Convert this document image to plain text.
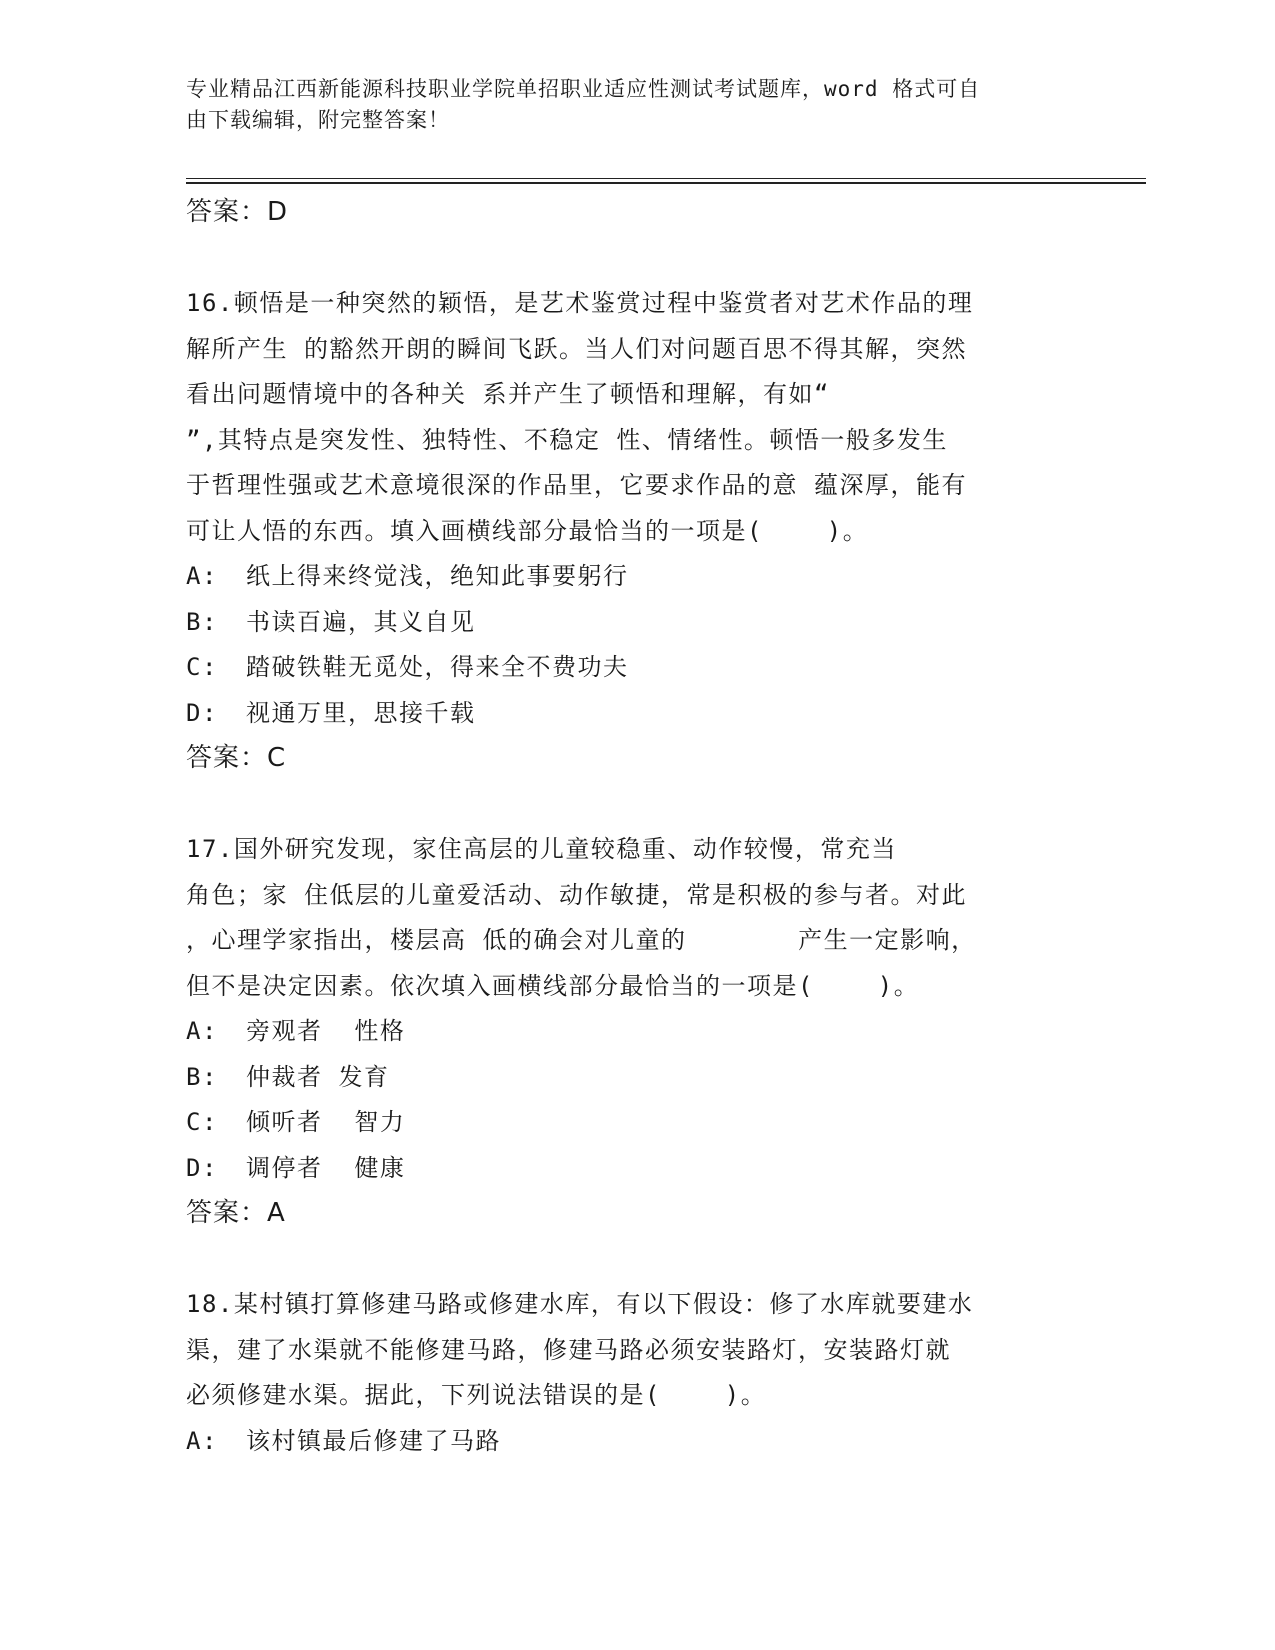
专业精品江西新能源科技职业学院单招职业适应性测试考试题库，word 格式可自
由下载编辑，附完整答案！
答案：D
16.顿悟是一种突然的颖悟，是艺术鉴赏过程中鉴赏者对艺术作品的理
解所产生 的豁然开朗的瞬间飞跃。当人们对问题百思不得其解，突然
看出问题情境中的各种关 系并产生了顿悟和理解，有如“
”,其特点是突发性、独特性、不稳定 性、情绪性。顿悟一般多发生
于哲理性强或艺术意境很深的作品里，它要求作品的意 蕴深厚，能有
可让人悟的东西。填入画横线部分最恰当的一项是(    )。
A: 纸上得来终觉浅，绝知此事要躬行
B: 书读百遍，其义自见
C: 踏破铁鞋无觅处，得来全不费功夫
D: 视通万里，思接千载
答案：C
17.国外研究发现，家住高层的儿童较稳重、动作较慢，常充当
角色；家 住低层的儿童爱活动、动作敏捷，常是积极的参与者。对此
，心理学家指出，楼层高 低的确会对儿童的       产生一定影响，
但不是决定因素。依次填入画横线部分最恰当的一项是(    )。
A: 旁观者  性格
B: 仲裁者 发育
C: 倾听者  智力
D: 调停者  健康
答案：A
18.某村镇打算修建马路或修建水库，有以下假设：修了水库就要建水
渠，建了水渠就不能修建马路，修建马路必须安装路灯，安装路灯就
必须修建水渠。据此，下列说法错误的是(    )。
A: 该村镇最后修建了马路
